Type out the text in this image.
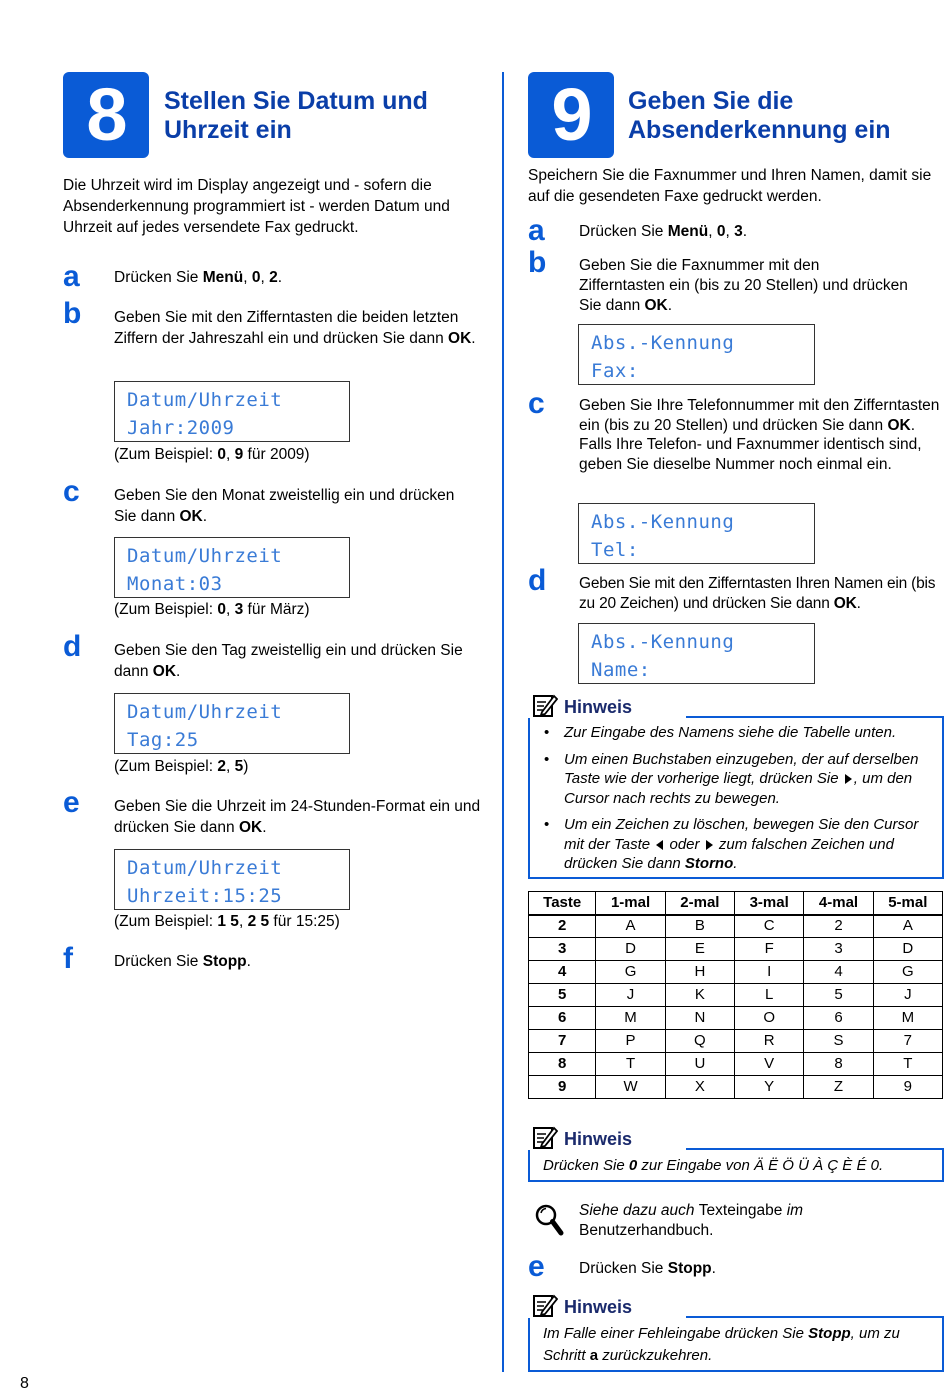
8	Stellen Sie Datum und
Uhrzeit ein
Die Uhrzeit wird im Display angezeigt und - sofern die Absenderkennung programmiert ist - werden Datum und Uhrzeit auf jedes versendete Fax gedruckt.
a Drücken Sie Menü, 0, 2.
b Geben Sie mit den Zifferntasten die beiden letzten Ziffern der Jahreszahl ein und drücken Sie dann OK.
Datum/Uhrzeit
Jahr:2009
(Zum Beispiel: 0, 9 für 2009)
c Geben Sie den Monat zweistellig ein und drücken Sie dann OK.
Datum/Uhrzeit
Monat:03
(Zum Beispiel: 0, 3 für März)
d Geben Sie den Tag zweistellig ein und drücken Sie dann OK.
Datum/Uhrzeit
Tag:25
(Zum Beispiel: 2, 5)
e Geben Sie die Uhrzeit im 24-Stunden-Format ein und drücken Sie dann OK.
Datum/Uhrzeit
Uhrzeit:15:25
(Zum Beispiel: 1 5, 2 5 für 15:25)
f	Drücken Sie Stopp.
9	Geben Sie die
Absenderkennung ein
Speichern Sie die Faxnummer und Ihren Namen, damit sie auf die gesendeten Faxe gedruckt werden.
a Drücken Sie Menü, 0, 3.
b Geben Sie die Faxnummer mit den Zifferntasten ein (bis zu 20 Stellen) und drücken Sie dann OK.
Abs.-Kennung
Fax:
c Geben Sie Ihre Telefonnummer mit den Zifferntasten ein (bis zu 20 Stellen) und drücken Sie dann OK. Falls Ihre Telefon- und Faxnummer identisch sind, geben Sie dieselbe Nummer noch einmal ein.
Abs.-Kennung
Tel:
d Geben Sie mit den Zifferntasten Ihren Namen ein (bis zu 20 Zeichen) und drücken Sie dann OK.
Abs.-Kennung
Name:
Hinweis
• Zur Eingabe des Namens siehe die Tabelle unten.
• Um einen Buchstaben einzugeben, der auf derselben Taste wie der vorherige liegt, drücken Sie , um den Cursor nach rechts zu bewegen.
• Um ein Zeichen zu löschen, bewegen Sie den Cursor mit der Taste  oder  zum falschen Zeichen und drücken Sie dann Storno.
Taste	1-mal	2-mal	3-mal	4-mal	5-mal
2	A	B	C	2	A
3	D	E	F	3	D
4	G	H	I	4	G
5	J	K	L	5	J
6	M	N	O	6	M
7	P	Q	R	S	7
8	T	U	V	8	T
9	W	X	Y	Z	9
Hinweis
Drücken Sie 0 zur Eingabe von Ä Ë Ö Ü À Ç È É 0.
Siehe dazu auch Texteingabe im
Benutzerhandbuch.
e Drücken Sie Stopp.
Hinweis
Im Falle einer Fehleingabe drücken Sie Stopp, um zu Schritt a zurückzukehren.
8
